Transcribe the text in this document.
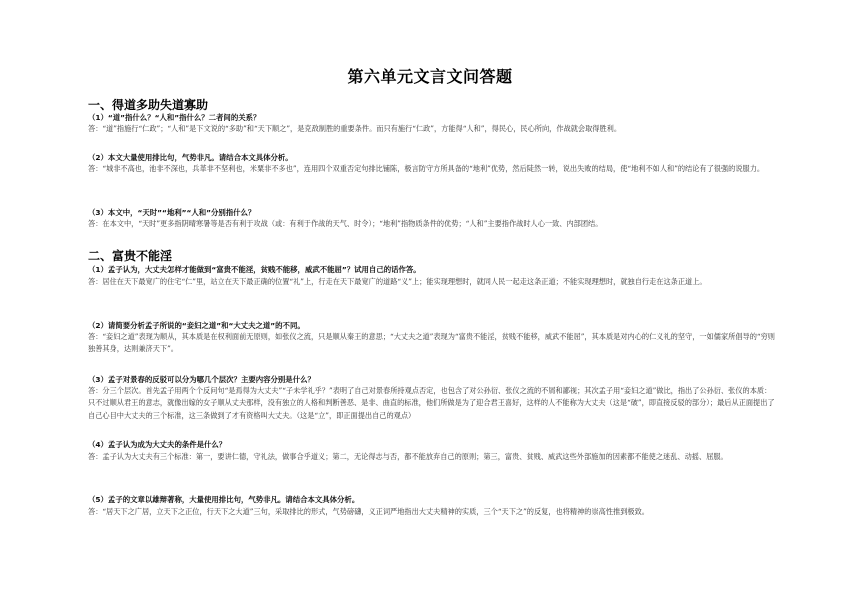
第六单元文言文问答题
一、得道多助失道寡助
（1）“道”指什么？“人和”指什么？二者间的关系？
答：“道”指施行“仁政”；“人和”是下文说的“多助”和“天下顺之”，是克敌制胜的重要条件。而只有施行“仁政”，方能得“人和”，得民心，民心所向，作战就会取得胜利。
（2）本文大量使用排比句，气势非凡。请结合本文具体分析。
答：“城非不高也，池非不深也，兵革非不坚利也，米粟非不多也”，连用四个双重否定句排比铺陈，极言防守方所具备的“地利”优势，然后陡然一转，说出失败的结局，使“地利不如人和”的结论有了很强的说服力。
（3）本文中，“天时”“地利”“人和”分别指什么？
答：在本文中，“天时”更多指阴晴寒暑等是否有利于攻战（或：有利于作战的天气、时令）；“地利”指物质条件的优势；“人和”主要指作战时人心一致、内部团结。
二、富贵不能淫
（1）孟子认为，大丈夫怎样才能做到“富贵不能淫，贫贱不能移，威武不能屈”？试用自己的话作答。
答：居住在天下最宽广的住宅“仁”里，站立在天下最正确的位置“礼”上，行走在天下最宽广的道路“义”上；能实现理想时，就同人民一起走这条正道；不能实现理想时，就独自行走在这条正道上。
（2）请简要分析孟子所说的“妾妇之道”和“大丈夫之道”的不同。
答：“妾妇之道”表现为顺从，其本质是在权利面前无原则，如张仪之流，只是顺从秦王的意思；“大丈夫之道”表现为“富贵不能淫，贫贱不能移，威武不能屈”，其本质是对内心的仁义礼的坚守，一如儒家所倡导的“穷则独善其身，达则兼济天下”。
（3）孟子对景春的反驳可以分为哪几个层次？主要内容分别是什么？
答：分三个层次。首先孟子用两个个反问句“是焉得为大丈夫”“子未学礼乎？”表明了自己对景春所持观点否定，也包含了对公孙衍、张仪之流的不屑和鄙视；其次孟子用“妾妇之道”做比，指出了公孙衍、张仪的本质：只不过顺从君王的意志，就像出嫁的女子顺从丈夫那样，没有独立的人格和判断善恶、是非、曲直的标准，他们所做是为了迎合君王喜好，这样的人不能称为大丈夫（这是“破”，即直接反驳的部分）；最后从正面提出了自己心目中大丈夫的三个标准，这三条做到了才有资格叫大丈夫。（这是“立”，即正面提出自己的观点）
（4）孟子认为成为大丈夫的条件是什么？
答：孟子认为大丈夫有三个标准：第一，要讲仁德，守礼法，做事合乎道义；第二，无论得志与否，都不能放弃自己的原则；第三，富贵、贫贱、威武这些外部施加的因素都不能使之迷乱、动摇、屈服。
（5）孟子的文章以雄辩著称，大量使用排比句，气势非凡。请结合本文具体分析。
答：“居天下之广居，立天下之正位，行天下之大道”三句，采取排比的形式，气势磅礴，义正词严地指出大丈夫精神的实质，三个“天下之”的反复，也将精神的崇高性推到极致。
